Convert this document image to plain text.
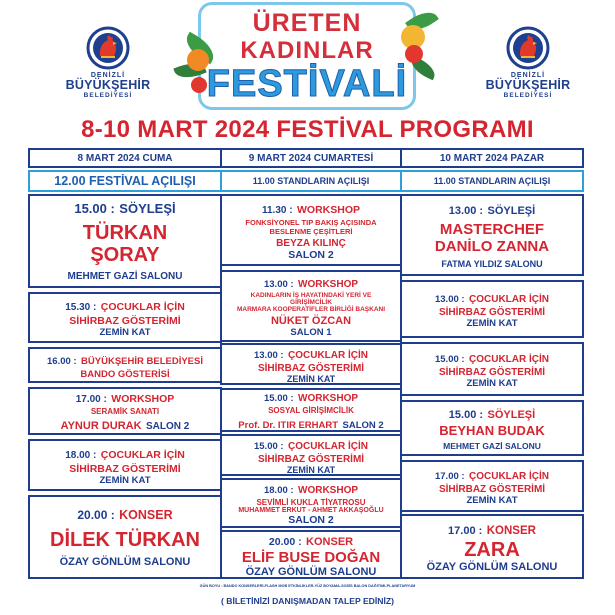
DENİZLİ
BÜYÜKŞEHİR
BELEDİYESİ
ÜRETEN
KADINLAR
FESTİVALİ	DENİZLİ
BÜYÜKŞEHİR
BELEDİYESİ
8-10 MART 2024 FESTİVAL PROGRAMI
8 MART 2024 CUMA
12.00 FESTİVAL AÇILIŞI
15.00 : SÖYLEŞİ
TÜRKAN
ŞORAY
MEHMET GAZİ SALONU
15.30 : ÇOCUKLAR İÇİN
SİHİRBAZ GÖSTERİMİ
ZEMİN KAT
16.00 : BÜYÜKŞEHİR BELEDİYESİ
BANDO GÖSTERİSİ
17.00 : WORKSHOP
SERAMİK SANATI
AYNUR DURAK SALON 2
18.00 : ÇOCUKLAR İÇİN
SİHİRBAZ GÖSTERİMİ
ZEMİN KAT
20.00 : KONSER
DİLEK TÜRKAN
ÖZAY GÖNLÜM SALONU
9 MART 2024 CUMARTESİ
11.00 STANDLARIN AÇILIŞI
11.30 : WORKSHOP
FONKSİYONEL TIP BAKIŞ AÇISINDA
BESLENME ÇEŞİTLERİ
BEYZA KILINÇ
SALON 2
13.00 : WORKSHOP
KADINLARIN İŞ HAYATINDAKİ YERİ VE
GİRİŞİMCİLİK
MARMARA KOOPERATİFLER BİRLİĞİ BAŞKANI
NÜKET ÖZCAN
SALON 1
13.00 : ÇOCUKLAR İÇİN
SİHİRBAZ GÖSTERİMİ
ZEMİN KAT
15.00 : WORKSHOP
SOSYAL GİRİŞİMCİLİK
Prof. Dr. ITIR ERHART SALON 2
15.00 : ÇOCUKLAR İÇİN
SİHİRBAZ GÖSTERİMİ
ZEMİN KAT
18.00 : WORKSHOP
SEVİMLİ KUKLA TİYATROSU
MUHAMMET ERKUT - AHMET AKKAŞOĞLU
SALON 2
20.00 : KONSER
ELİF BUSE DOĞAN
ÖZAY GÖNLÜM SALONU
10 MART 2024 PAZAR
11.00 STANDLARIN AÇILIŞI
13.00 : SÖYLEŞİ
MASTERCHEF
DANİLO ZANNA
FATMA YILDIZ SALONU
13.00 : ÇOCUKLAR İÇİN
SİHİRBAZ GÖSTERİMİ
ZEMİN KAT
15.00 : ÇOCUKLAR İÇİN
SİHİRBAZ GÖSTERİMİ
ZEMİN KAT
15.00 : SÖYLEŞİ
BEYHAN BUDAK
MEHMET GAZİ SALONU
17.00 : ÇOCUKLAR İÇİN
SİHİRBAZ GÖSTERİMİ
ZEMİN KAT
17.00 : KONSER
ZARA
ÖZAY GÖNLÜM SALONU
GÜN BOYU : BANDO KONSERLERİ-FLASH MOB ETKİNLİKLER-YÜZ BOYAMA-SOSİS BALON DAĞITIMI-PLANETARYUM
( BİLETİNİZİ DANIŞMADAN TALEP EDİNİZ)
